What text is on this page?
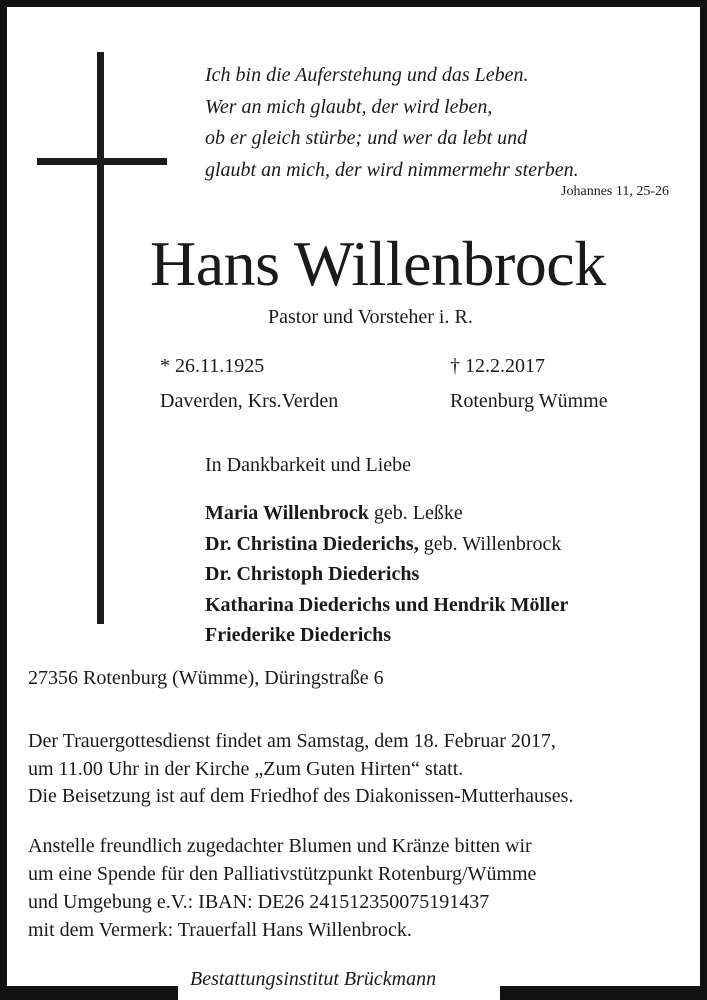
Ich bin die Auferstehung und das Leben.
Wer an mich glaubt, der wird leben,
ob er gleich stürbe; und wer da lebt und
glaubt an mich, der wird nimmermehr sterben.
Johannes 11, 25-26
Hans Willenbrock
Pastor und Vorsteher i. R.
* 26.11.1925
Daverden, Krs.Verden
† 12.2.2017
Rotenburg Wümme
In Dankbarkeit und Liebe
Maria Willenbrock geb. Leßke
Dr. Christina Diederichs, geb. Willenbrock
Dr. Christoph Diederichs
Katharina Diederichs und Hendrik Möller
Friederike Diederichs
27356 Rotenburg (Wümme), Düringstraße 6
Der Trauergottesdienst findet am Samstag, dem 18. Februar 2017,
um 11.00 Uhr in der Kirche „Zum Guten Hirten“ statt.
Die Beisetzung ist auf dem Friedhof des Diakonissen-Mutterhauses.
Anstelle freundlich zugedachter Blumen und Kränze bitten wir
um eine Spende für den Palliativstützpunkt Rotenburg/Wümme
und Umgebung e.V.: IBAN: DE26 241512350075191437
mit dem Vermerk: Trauerfall Hans Willenbrock.
Bestattungsinstitut Brückmann
